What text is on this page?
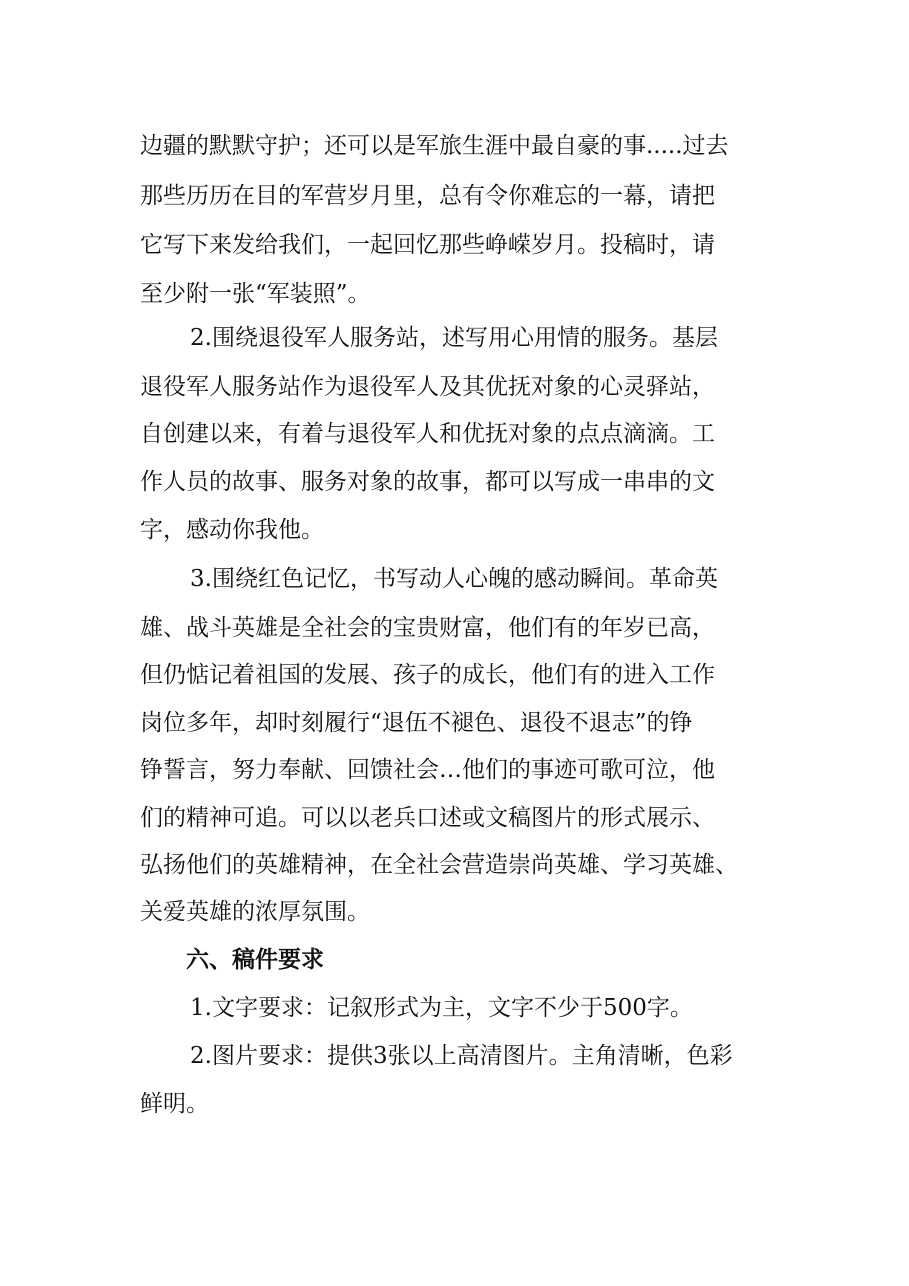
边疆的默默守护；还可以是军旅生涯中最自豪的事.....过去

那些历历在目的军营岁月里，总有令你难忘的一幕，请把

它写下来发给我们，一起回忆那些峥嵘岁月。投稿时，请

至少附一张“军装照”。

2.围绕退役军人服务站，述写用心用情的服务。基层

退役军人服务站作为退役军人及其优抚对象的心灵驿站，

自创建以来，有着与退役军人和优抚对象的点点滴滴。工

作人员的故事、服务对象的故事，都可以写成一串串的文

字，感动你我他。

3.围绕红色记忆，书写动人心魄的感动瞬间。革命英

雄、战斗英雄是全社会的宝贵财富，他们有的年岁已高，

但仍惦记着祖国的发展、孩子的成长，他们有的进入工作

岗位多年，却时刻履行“退伍不褪色、退役不退志”的铮

铮誓言，努力奉献、回馈社会…他们的事迹可歌可泣，他

们的精神可追。可以以老兵口述或文稿图片的形式展示、

弘扬他们的英雄精神，在全社会营造崇尚英雄、学习英雄、

关爱英雄的浓厚氛围。

六、稿件要求

1.文字要求：记叙形式为主，文字不少于500字。

2.图片要求：提供3张以上高清图片。主角清晰，色彩

鲜明。
